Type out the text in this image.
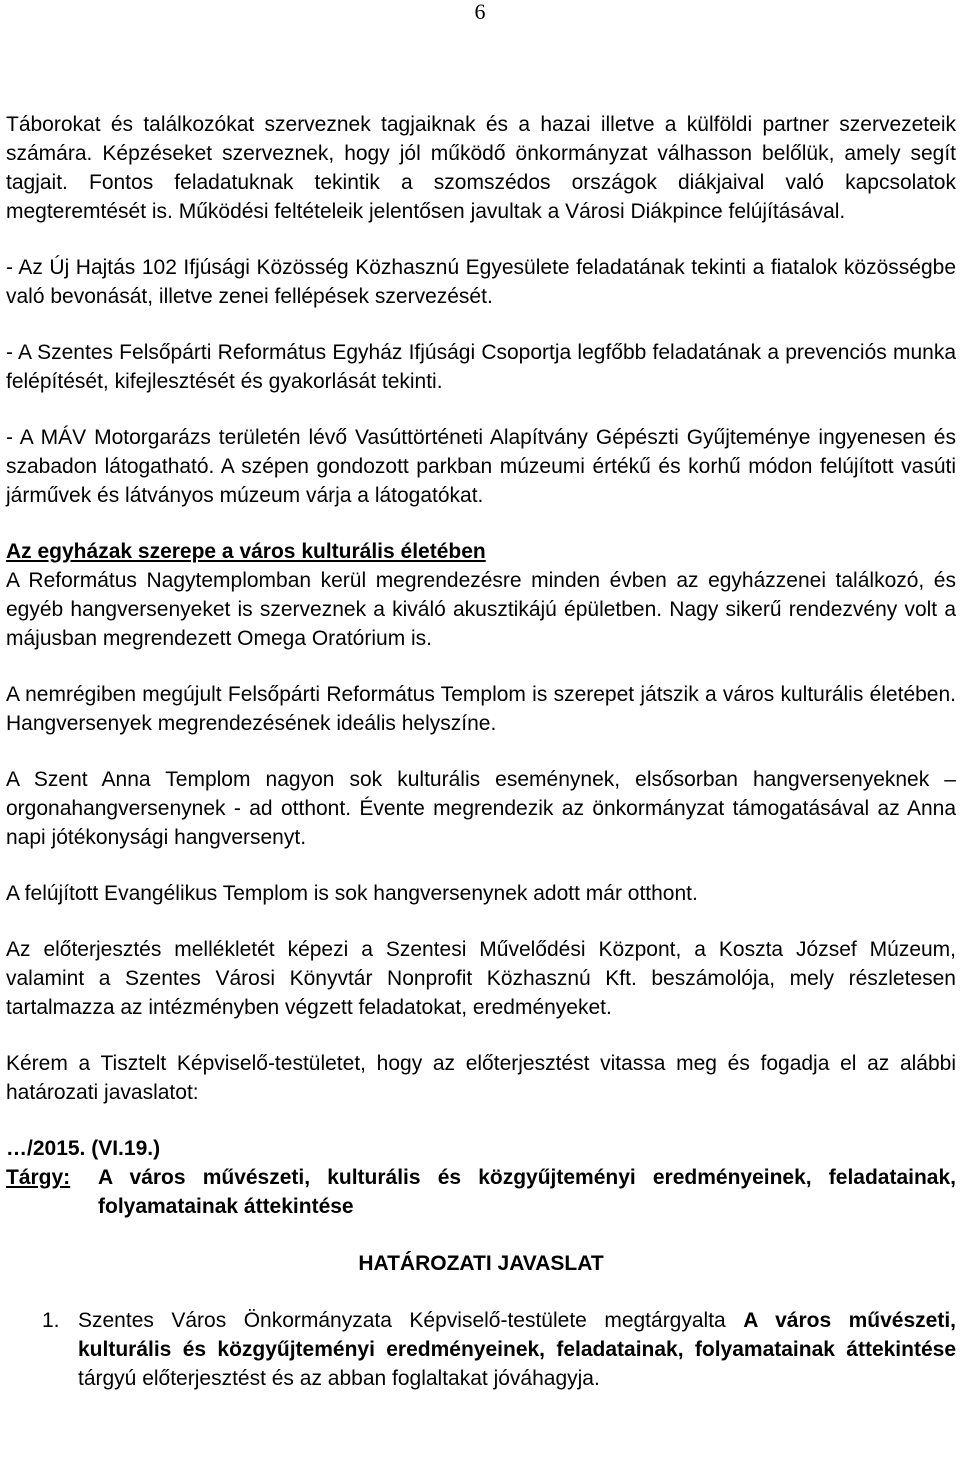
6

Táborokat és találkozókat szerveznek tagjaiknak és a hazai illetve a külföldi partner szervezeteik számára. Képzéseket szerveznek, hogy jól működő önkormányzat válhasson belőlük, amely segít tagjait. Fontos feladatuknak tekintik a szomszédos országok diákjaival való kapcsolatok megteremtését is. Működési feltételeik jelentősen javultak a Városi Diákpince felújításával.

- Az Új Hajtás 102 Ifjúsági Közösség Közhasznú Egyesülete feladatának tekinti a fiatalok közösségbe való bevonását, illetve zenei fellépések szervezését.

- A Szentes Felsőpárti Református Egyház Ifjúsági Csoportja legfőbb feladatának a prevenciós munka felépítését, kifejlesztését és gyakorlását tekinti.

- A MÁV Motorgarázs területén lévő Vasúttörténeti Alapítvány Gépészti Gyűjteménye ingyenesen és szabadon látogatható. A szépen gondozott parkban múzeumi értékű és korhű módon felújított vasúti járművek és látványos múzeum várja a látogatókat.

Az egyházak szerepe a város kulturális életében

A Református Nagytemplomban kerül megrendezésre minden évben az egyházzenei találkozó, és egyéb hangversenyeket is szerveznek a kiváló akusztikájú épületben. Nagy sikerű rendezvény volt a májusban megrendezett Omega Oratórium is.

A nemrégiben megújult Felsőpárti Református Templom is szerepet játszik a város kulturális életében. Hangversenyek megrendezésének ideális helyszíne.

A Szent Anna Templom nagyon sok kulturális eseménynek, elsősorban hangversenyeknek – orgonahangversenynek - ad otthont. Évente megrendezik az önkormányzat támogatásával az Anna napi jótékonysági hangversenyt.

A felújított Evangélikus Templom is sok hangversenynek adott már otthont.

Az előterjesztés mellékletét képezi a Szentesi Művelődési Központ, a Koszta József Múzeum, valamint a Szentes Városi Könyvtár Nonprofit Közhasznú Kft. beszámolója, mely részletesen tartalmazza az intézményben végzett feladatokat, eredményeket.

Kérem a Tisztelt Képviselő-testületet, hogy az előterjesztést vitassa meg és fogadja el az alábbi határozati javaslatot:

…/2015. (VI.19.)
Tárgy:	A város művészeti, kulturális és közgyűjteményi eredményeinek, feladatainak, folyamatainak áttekintése
HATÁROZATI JAVASLAT
1. Szentes Város Önkormányzata Képviselő-testülete megtárgyalta A város művészeti, kulturális és közgyűjteményi eredményeinek, feladatainak, folyamatainak áttekintése tárgyú előterjesztést és az abban foglaltakat jóváhagyja.
